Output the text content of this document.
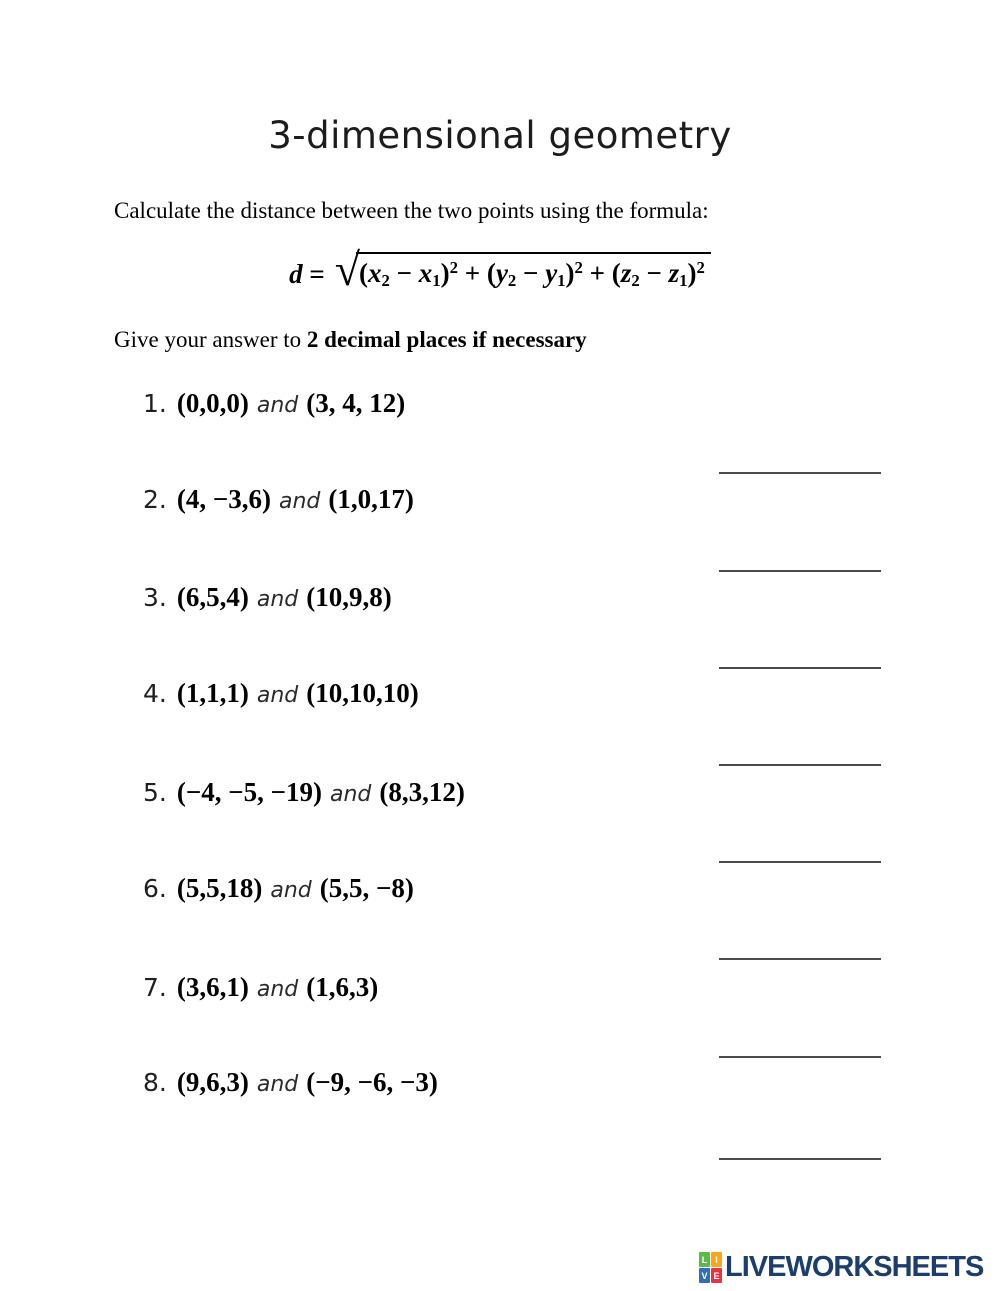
3-dimensional geometry
Calculate the distance between the two points using the formula:
d = √ $(x_2 - x_1)^2 + (y_2 - y_1)^2 + (z_2 - z_1)^2$
Give your answer to 2 decimal places if necessary
1. (0,0,0) and (3, 4, 12)
2. (4, −3,6) and (1,0,17)
3. (6,5,4) and (10,9,8)
4. (1,1,1) and (10,10,10)
5. (−4, −5, −19) and (8,3,12)
6. (5,5,18) and (5,5, −8)
7. (3,6,1) and (1,6,3)
8. (9,6,3) and (−9, −6, −3)
L I
V E LIVEWORKSHEETS
